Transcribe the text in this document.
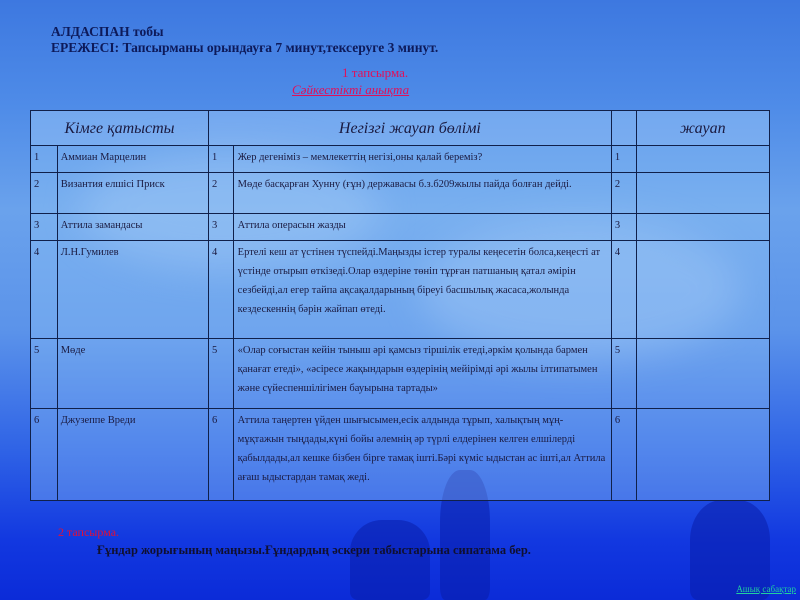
АЛДАСПАН тобы
ЕРЕЖЕСІ: Тапсырманы орындауға 7 минут,тексеруге 3 минут.
1 тапсырма.
Сәйкестікті анықта
Кімге қатысты		Негізгі жауап бөлімі			жауап
1	Аммиан Марцелин	1	Жер дегеніміз – мемлекеттің негізі,оны қалай береміз?	1	
2	Византия елшісі Приск	2	Мөде басқарған Хунну (ғұн) державасы б.з.б209жылы пайда болған дейді.	2	
3	Аттила замандасы	3	Аттила операсын жазды	3	
4	Л.Н.Гумилев	4	Ертелі кеш ат үстінен түспейді.Маңызды істер туралы кеңесетін болса,кеңесті ат үстінде отырып өткізеді.Олар өздеріне төніп тұрған патшаның қатал әмірін сезбейді,ал егер тайпа ақсақалдарының біреуі басшылық жасаса,жолында кездескеннің бәрін жайпап өтеді.	4	
5	Мөде	5	«Олар соғыстан кейін тыныш әрі қамсыз тіршілік етеді,әркім қолында бармен қанағат етеді», «әсіресе жақындарын өздерінің мейірімді әрі жылы ілтипатымен және сүйеспеншілігімен бауырына тартады»	5	
6	Джузеппе Вреди	6	Аттила таңертен үйден шығысымен,есік алдында тұрып, халықтың мұң-мұқтажын тыңдады,күні бойы әлемнің әр түрлі елдерінен келген елшілерді қабылдады,ал кешке бізбен бірге тамақ ішті.Бәрі күміс ыдыстан ас ішті,ал Аттила ағаш ыдыстардан тамақ жеді.	6	
2 тапсырма.
Ғұндар жорығының маңызы.Ғұндардың әскери табыстарына сипатама бер.
Ашық сабақтар
